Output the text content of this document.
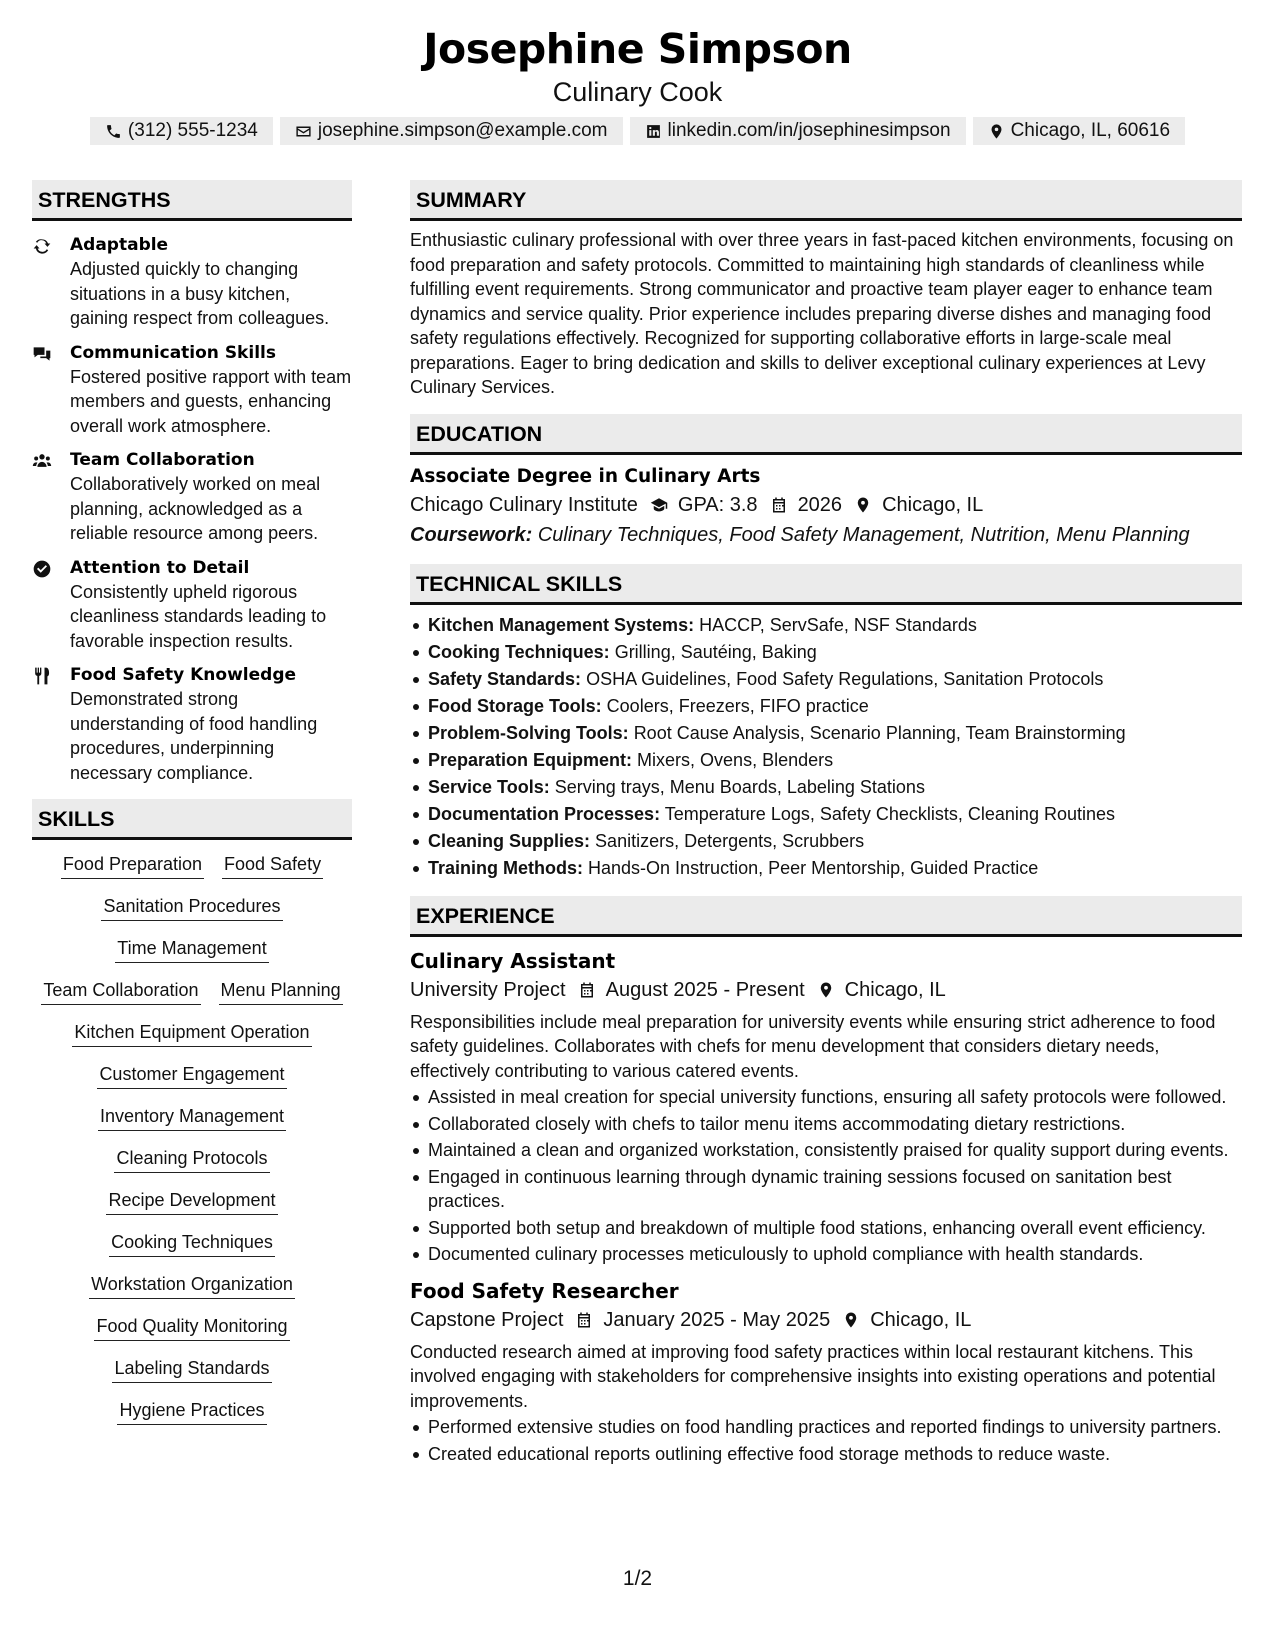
Josephine Simpson
Culinary Cook
(312) 555-1234	josephine.simpson@example.com	linkedin.com/in/josephinesimpson	Chicago, IL, 60616
STRENGTHS
Adaptable
Adjusted quickly to changing situations in a busy kitchen, gaining respect from colleagues.
Communication Skills
Fostered positive rapport with team members and guests, enhancing overall work atmosphere.
Team Collaboration
Collaboratively worked on meal planning, acknowledged as a reliable resource among peers.
Attention to Detail
Consistently upheld rigorous cleanliness standards leading to favorable inspection results.
Food Safety Knowledge
Demonstrated strong understanding of food handling procedures, underpinning necessary compliance.
SKILLS
Food Preparation Food Safety
Sanitation Procedures
Time Management
Team Collaboration Menu Planning
Kitchen Equipment Operation
Customer Engagement
Inventory Management
Cleaning Protocols
Recipe Development
Cooking Techniques
Workstation Organization
Food Quality Monitoring
Labeling Standards
Hygiene Practices
SUMMARY

Enthusiastic culinary professional with over three years in fast-paced kitchen environments, focusing on food preparation and safety protocols. Committed to maintaining high standards of cleanliness while fulfilling event requirements. Strong communicator and proactive team player eager to enhance team dynamics and service quality. Prior experience includes preparing diverse dishes and managing food safety regulations effectively. Recognized for supporting collaborative efforts in large-scale meal preparations. Eager to bring dedication and skills to deliver exceptional culinary experiences at Levy Culinary Services.

EDUCATION
Associate Degree in Culinary Arts
Chicago Culinary Institute GPA: 3.8 2026 Chicago, IL
Coursework: Culinary Techniques, Food Safety Management, Nutrition, Menu Planning
TECHNICAL SKILLS
Kitchen Management Systems: HACCP, ServSafe, NSF Standards
Cooking Techniques: Grilling, Sautéing, Baking
Safety Standards: OSHA Guidelines, Food Safety Regulations, Sanitation Protocols
Food Storage Tools: Coolers, Freezers, FIFO practice
Problem-Solving Tools: Root Cause Analysis, Scenario Planning, Team Brainstorming
Preparation Equipment: Mixers, Ovens, Blenders
Service Tools: Serving trays, Menu Boards, Labeling Stations
Documentation Processes: Temperature Logs, Safety Checklists, Cleaning Routines
Cleaning Supplies: Sanitizers, Detergents, Scrubbers
Training Methods: Hands-On Instruction, Peer Mentorship, Guided Practice
EXPERIENCE
Culinary Assistant
University Project August 2025 - Present Chicago, IL

Responsibilities include meal preparation for university events while ensuring strict adherence to food safety guidelines. Collaborates with chefs for menu development that considers dietary needs, effectively contributing to various catered events.

Assisted in meal creation for special university functions, ensuring all safety protocols were followed.
Collaborated closely with chefs to tailor menu items accommodating dietary restrictions.
Maintained a clean and organized workstation, consistently praised for quality support during events.
Engaged in continuous learning through dynamic training sessions focused on sanitation best practices.
Supported both setup and breakdown of multiple food stations, enhancing overall event efficiency.
Documented culinary processes meticulously to uphold compliance with health standards.
Food Safety Researcher
Capstone Project January 2025 - May 2025 Chicago, IL

Conducted research aimed at improving food safety practices within local restaurant kitchens. This involved engaging with stakeholders for comprehensive insights into existing operations and potential improvements.

Performed extensive studies on food handling practices and reported findings to university partners.
Created educational reports outlining effective food storage methods to reduce waste.
1/2
